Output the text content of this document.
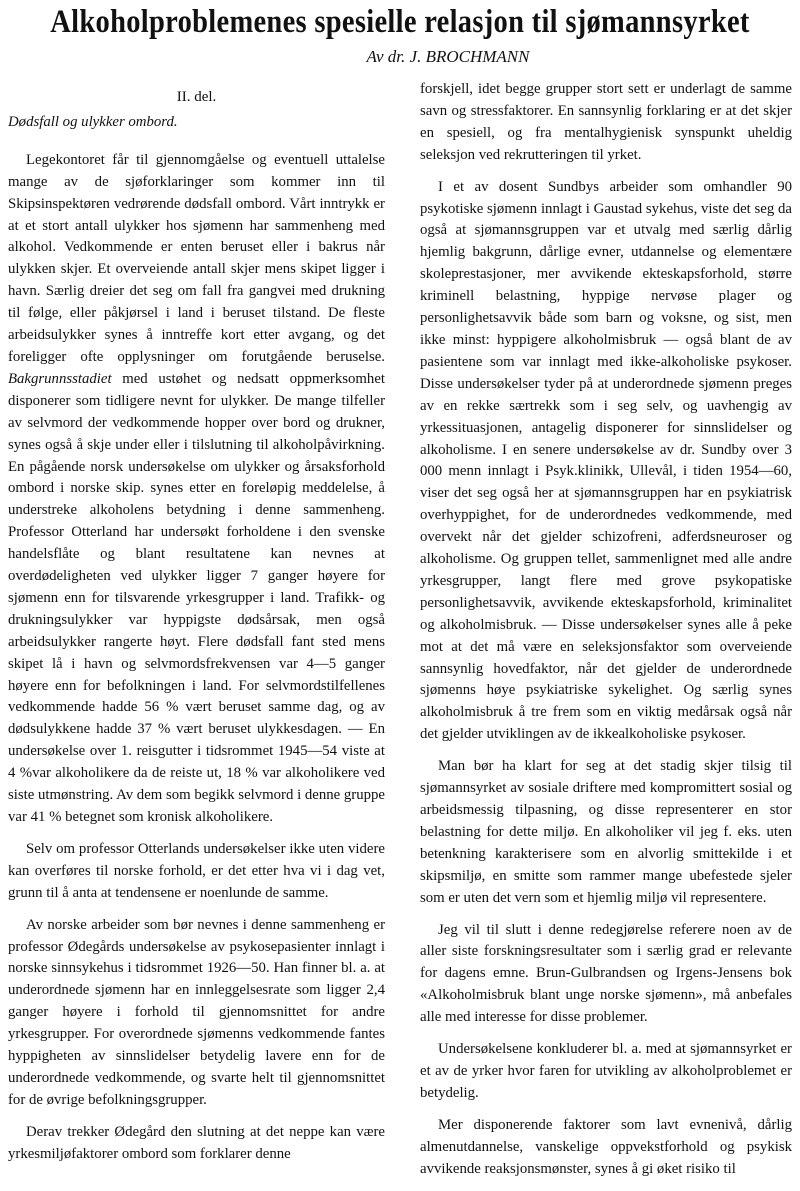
Alkoholproblemenes spesielle relasjon til sjømannsyrket
Av dr. J. BROCHMANN
II. del.
Dødsfall og ulykker ombord.

Legekontoret får til gjennomgåelse og eventuell uttalelse mange av de sjøforklaringer som kommer inn til Skipsinspektøren vedrørende dødsfall ombord. Vårt inntrykk er at et stort antall ulykker hos sjømenn har sammenheng med alkohol. Vedkommende er enten beruset eller i bakrus når ulykken skjer. Et overveiende antall skjer mens skipet ligger i havn. Særlig dreier det seg om fall fra gangvei med drukning til følge, eller påkjørsel i land i beruset tilstand. De fleste arbeidsulykker synes å inntreffe kort etter avgang, og det foreligger ofte opplysninger om forutgående beruselse. Bakgrunnsstadiet med ustøhet og nedsatt oppmerksomhet disponerer som tidligere nevnt for ulykker. De mange tilfeller av selvmord der vedkommende hopper over bord og drukner, synes også å skje under eller i tilslutning til alkoholpåvirkning. En pågående norsk undersøkelse om ulykker og årsaksforhold ombord i norske skip. synes etter en foreløpig meddelelse, å understreke alkoholens betydning i denne sammenheng. Professor Otterland har undersøkt forholdene i den svenske handelsflåte og blant resultatene kan nevnes at overdødeligheten ved ulykker ligger 7 ganger høyere for sjømenn enn for tilsvarende yrkesgrupper i land. Trafikk- og drukningsulykker var hyppigste dødsårsak, men også arbeidsulykker rangerte høyt. Flere dødsfall fant sted mens skipet lå i havn og selvmordsfrekvensen var 4—5 ganger høyere enn for befolkningen i land. For selvmordstilfellenes vedkommende hadde 56 % vært beruset samme dag, og av dødsulykkene hadde 37 % vært beruset ulykkesdagen. — En undersøkelse over 1. reisgutter i tidsrommet 1945—54 viste at 4 %var alkoholikere da de reiste ut, 18 % var alkoholikere ved siste utmønstring. Av dem som begikk selvmord i denne gruppe var 41 % betegnet som kronisk alkoholikere.

Selv om professor Otterlands undersøkelser ikke uten videre kan overføres til norske forhold, er det etter hva vi i dag vet, grunn til å anta at tendensene er noenlunde de samme.

Av norske arbeider som bør nevnes i denne sammenheng er professor Ødegårds undersøkelse av psykosepasienter innlagt i norske sinnsykehus i tidsrommet 1926—50. Han finner bl. a. at underordnede sjømenn har en innleggelsesrate som ligger 2,4 ganger høyere i forhold til gjennomsnittet for andre yrkesgrupper. For overordnede sjømenns vedkommende fantes hyppigheten av sinnslidelser betydelig lavere enn for de underordnede vedkommende, og svarte helt til gjennomsnittet for de øvrige befolkningsgrupper.

Derav trekker Ødegård den slutning at det neppe kan være yrkesmiljøfaktorer ombord som forklarer denne

forskjell, idet begge grupper stort sett er underlagt de samme savn og stressfaktorer. En sannsynlig forklaring er at det skjer en spesiell, og fra mentalhygienisk synspunkt uheldig seleksjon ved rekrutteringen til yrket.

I et av dosent Sundbys arbeider som omhandler 90 psykotiske sjømenn innlagt i Gaustad sykehus, viste det seg da også at sjømannsgruppen var et utvalg med særlig dårlig hjemlig bakgrunn, dårlige evner, utdannelse og elementære skoleprestasjoner, mer avvikende ekteskapsforhold, større kriminell belastning, hyppige nervøse plager og personlighetsavvik både som barn og voksne, og sist, men ikke minst: hyppigere alkoholmisbruk — også blant de av pasientene som var innlagt med ikke-alkoholiske psykoser. Disse undersøkelser tyder på at underordnede sjømenn preges av en rekke særtrekk som i seg selv, og uavhengig av yrkessituasjonen, antagelig disponerer for sinnslidelser og alkoholisme. I en senere undersøkelse av dr. Sundby over 3 000 menn innlagt i Psyk.klinikk, Ullevål, i tiden 1954—60, viser det seg også her at sjømannsgruppen har en psykiatrisk overhyppighet, for de underordnedes vedkommende, med overvekt når det gjelder schizofreni, adferdsneuroser og alkoholisme. Og gruppen tellet, sammenlignet med alle andre yrkesgrupper, langt flere med grove psykopatiske personlighetsavvik, avvikende ekteskapsforhold, kriminalitet og alkoholmisbruk. — Disse undersøkelser synes alle å peke mot at det må være en seleksjonsfaktor som overveiende sannsynlig hovedfaktor, når det gjelder de underordnede sjømenns høye psykiatriske sykelighet. Og særlig synes alkoholmisbruk å tre frem som en viktig medårsak også når det gjelder utviklingen av de ikkealkoholiske psykoser.

Man bør ha klart for seg at det stadig skjer tilsig til sjømannsyrket av sosiale driftere med kompromittert sosial og arbeidsmessig tilpasning, og disse representerer en stor belastning for dette miljø. En alkoholiker vil jeg f. eks. uten betenkning karakterisere som en alvorlig smittekilde i et skipsmiljø, en smitte som rammer mange ubefestede sjeler som er uten det vern som et hjemlig miljø vil representere.

Jeg vil til slutt i denne redegjørelse referere noen av de aller siste forskningsresultater som i særlig grad er relevante for dagens emne. Brun-Gulbrandsen og Irgens-Jensens bok «Alkoholmisbruk blant unge norske sjømenn», må anbefales alle med interesse for disse problemer.

Undersøkelsene konkluderer bl. a. med at sjømannsyrket er et av de yrker hvor faren for utvikling av alkoholproblemet er betydelig.

Mer disponerende faktorer som lavt evnenivå, dårlig almenutdannelse, vanskelige oppvekstforhold og psykisk avvikende reaksjonsmønster, synes å gi øket risiko til
